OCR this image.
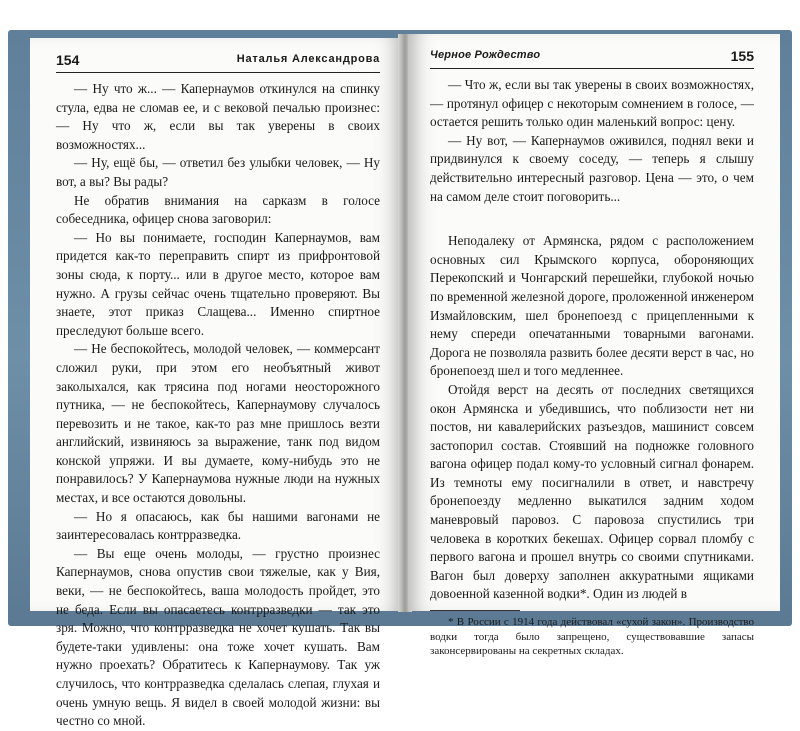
154	Наталья Александрова

— Ну что ж... — Капернаумов откинулся на спинку стула, едва не сломав ее, и с вековой печалью произнес: — Ну что ж, если вы так уверены в своих возможностях...

— Ну, ещё бы, — ответил без улыбки человек, — Ну вот, а вы? Вы рады?

Не обратив внимания на сарказм в голосе собеседника, офицер снова заговорил:

— Но вы понимаете, господин Капернаумов, вам придется как-то переправить спирт из прифронтовой зоны сюда, к порту... или в другое место, которое вам нужно. А грузы сейчас очень тщательно проверяют. Вы знаете, этот приказ Слащева... Именно спиртное преследуют больше всего.

— Не беспокойтесь, молодой человек, — коммерсант сложил руки, при этом его необъятный живот заколыхался, как трясина под ногами неосторожного путника, — не беспокойтесь, Капернаумову случалось перевозить и не такое, как-то раз мне пришлось везти английский, извиняюсь за выражение, танк под видом конской упряжи. И вы думаете, кому-нибудь это не понравилось? У Капернаумова нужные люди на нужных местах, и все остаются довольны.

— Но я опасаюсь, как бы нашими вагонами не заинтересовалась контрразведка.

— Вы еще очень молоды, — грустно произнес Капернаумов, снова опустив свои тяжелые, как у Вия, веки, — не беспокойтесь, ваша молодость пройдет, это не беда. Если вы опасаетесь контрразведки — так это зря. Можно, что контрразведка не хочет кушать. Так вы будете-таки удивлены: она тоже хочет кушать. Вам нужно проехать? Обратитесь к Капернаумову. Так уж случилось, что контрразведка сделалась слепая, глухая и очень умную вещь. Я видел в своей молодой жизни: вы честно со мной.

Черное Рождество	155

— Что ж, если вы так уверены в своих возможностях, — протянул офицер с некоторым сомнением в голосе, — остается решить только один маленький вопрос: цену.

— Ну вот, — Капернаумов оживился, поднял веки и придвинулся к своему соседу, — теперь я слышу действительно интересный разговор. Цена — это, о чем на самом деле стоит поговорить...

Неподалеку от Армянска, рядом с расположением основных сил Крымского корпуса, обороняющих Перекопский и Чонгарский перешейки, глубокой ночью по временной железной дороге, проложенной инженером Измайловским, шел бронепоезд с прицепленными к нему спереди опечатанными товарными вагонами. Дорога не позволяла развить более десяти верст в час, но бронепоезд шел и того медленнее.

Отойдя верст на десять от последних светящихся окон Армянска и убедившись, что поблизости нет ни постов, ни кавалерийских разъездов, машинист совсем застопорил состав. Стоявший на подножке головного вагона офицер подал кому-то условный сигнал фонарем. Из темноты ему посигналили в ответ, и навстречу бронепоезду медленно выкатился задним ходом маневровый паровоз. С паровоза спустились три человека в коротких бекешах. Офицер сорвал пломбу с первого вагона и прошел внутрь со своими спутниками. Вагон был доверху заполнен аккуратными ящиками довоенной казенной водки*. Один из людей в

* В России с 1914 года действовал «сухой закон». Производство водки тогда было запрещено, существовавшие запасы законсервированы на секретных складах.
